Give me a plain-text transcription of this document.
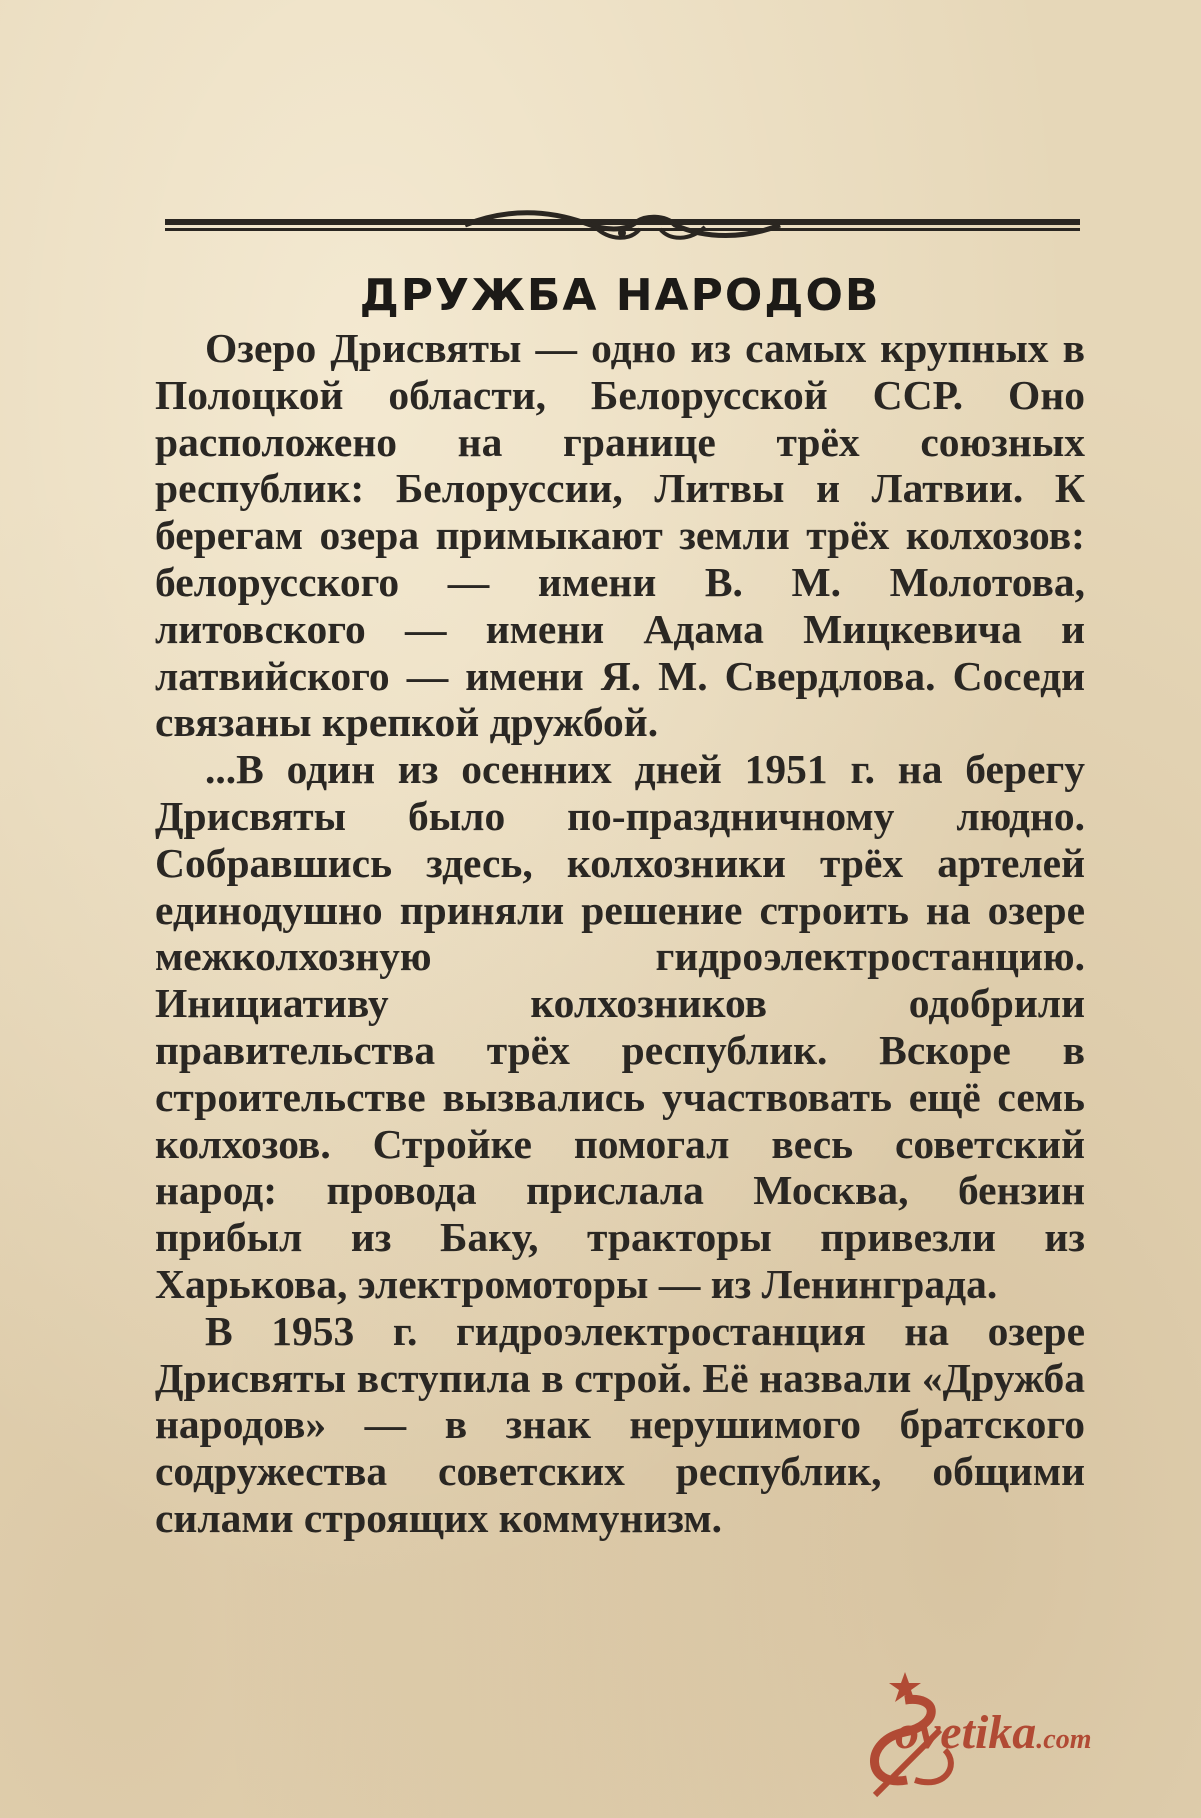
ДРУЖБА НАРОДОВ

Озеро Дрисвяты — одно из самых крупных в Полоцкой области, Белорусской ССР. Оно расположено на границе трёх союзных республик: Белоруссии, Литвы и Латвии. К берегам озера примыкают земли трёх колхозов: белорусского — имени В. М. Молотова, литовского — имени Адама Мицкевича и латвийского — имени Я. М. Свердлова. Соседи связаны крепкой дружбой.

...В один из осенних дней 1951 г. на берегу Дрисвяты было по-праздничному людно. Собравшись здесь, колхозники трёх артелей единодушно приняли решение строить на озере межколхозную гидроэлектростанцию. Инициативу колхозников одобрили правительства трёх республик. Вскоре в строительстве вызвались участвовать ещё семь колхозов. Стройке помогал весь советский народ: провода прислала Москва, бензин прибыл из Баку, тракторы привезли из Харькова, электромоторы — из Ленинграда.

В 1953 г. гидроэлектростанция на озере Дрисвяты вступила в строй. Её назвали «Дружба народов» — в знак нерушимого братского содружества советских республик, общими силами строящих коммунизм.

ovetika.com
